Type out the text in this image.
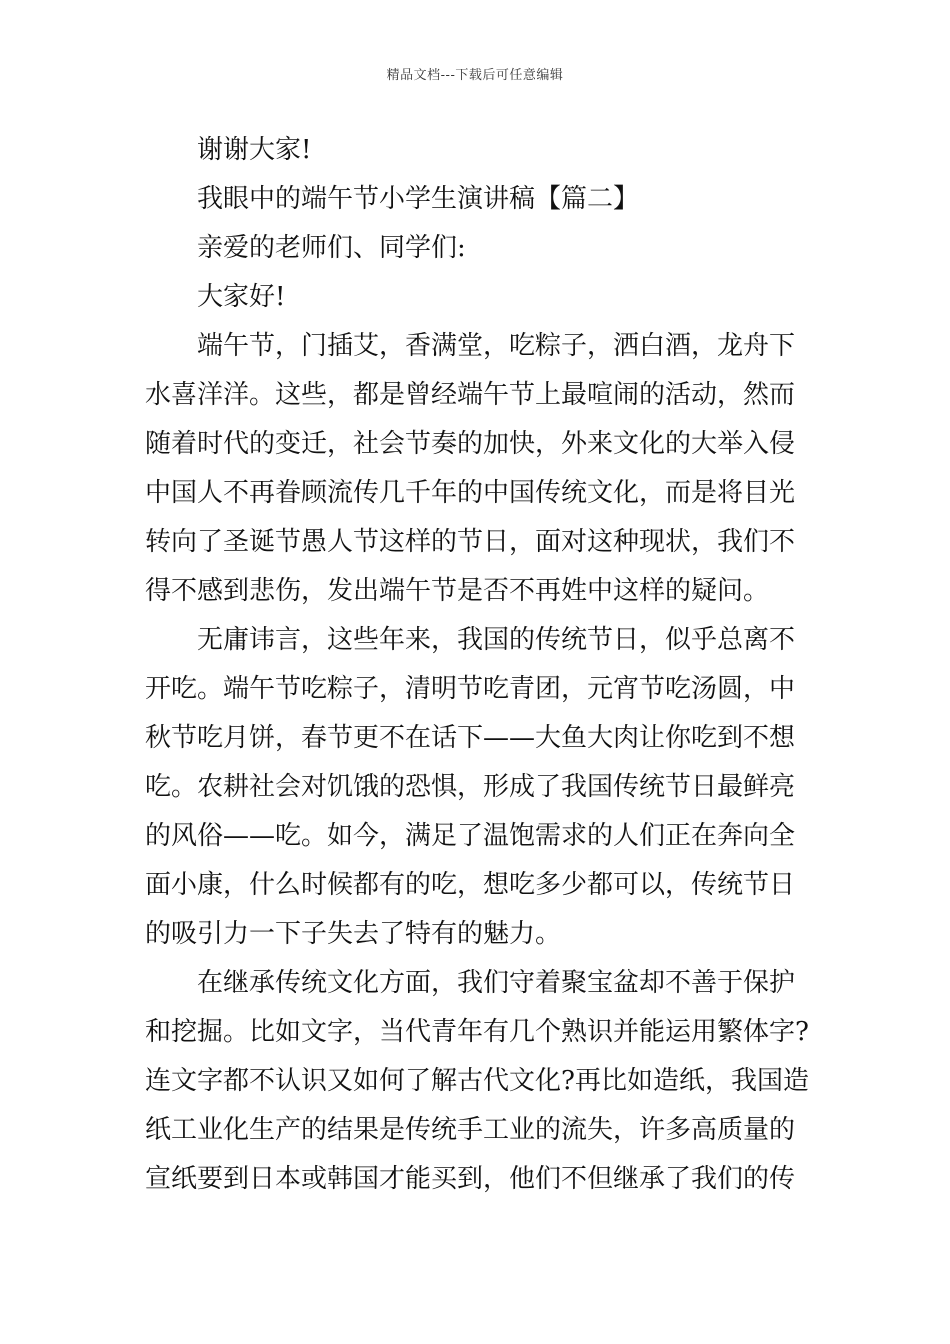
精品文档---下载后可任意编辑
谢谢大家!
我眼中的端午节小学生演讲稿【篇二】
亲爱的老师们、同学们:
大家好!
端午节，门插艾，香满堂，吃粽子，洒白酒，龙舟下
水喜洋洋。这些，都是曾经端午节上最喧闹的活动，然而
随着时代的变迁，社会节奏的加快，外来文化的大举入侵
中国人不再眷顾流传几千年的中国传统文化，而是将目光
转向了圣诞节愚人节这样的节日，面对这种现状，我们不
得不感到悲伤，发出端午节是否不再姓中这样的疑问。
无庸讳言，这些年来，我国的传统节日，似乎总离不
开吃。端午节吃粽子，清明节吃青团，元宵节吃汤圆，中
秋节吃月饼，春节更不在话下——大鱼大肉让你吃到不想
吃。农耕社会对饥饿的恐惧，形成了我国传统节日最鲜亮
的风俗——吃。如今，满足了温饱需求的人们正在奔向全
面小康，什么时候都有的吃，想吃多少都可以，传统节日
的吸引力一下子失去了特有的魅力。
在继承传统文化方面，我们守着聚宝盆却不善于保护
和挖掘。比如文字，当代青年有几个熟识并能运用繁体字?
连文字都不认识又如何了解古代文化?再比如造纸，我国造
纸工业化生产的结果是传统手工业的流失，许多高质量的
宣纸要到日本或韩国才能买到，他们不但继承了我们的传
